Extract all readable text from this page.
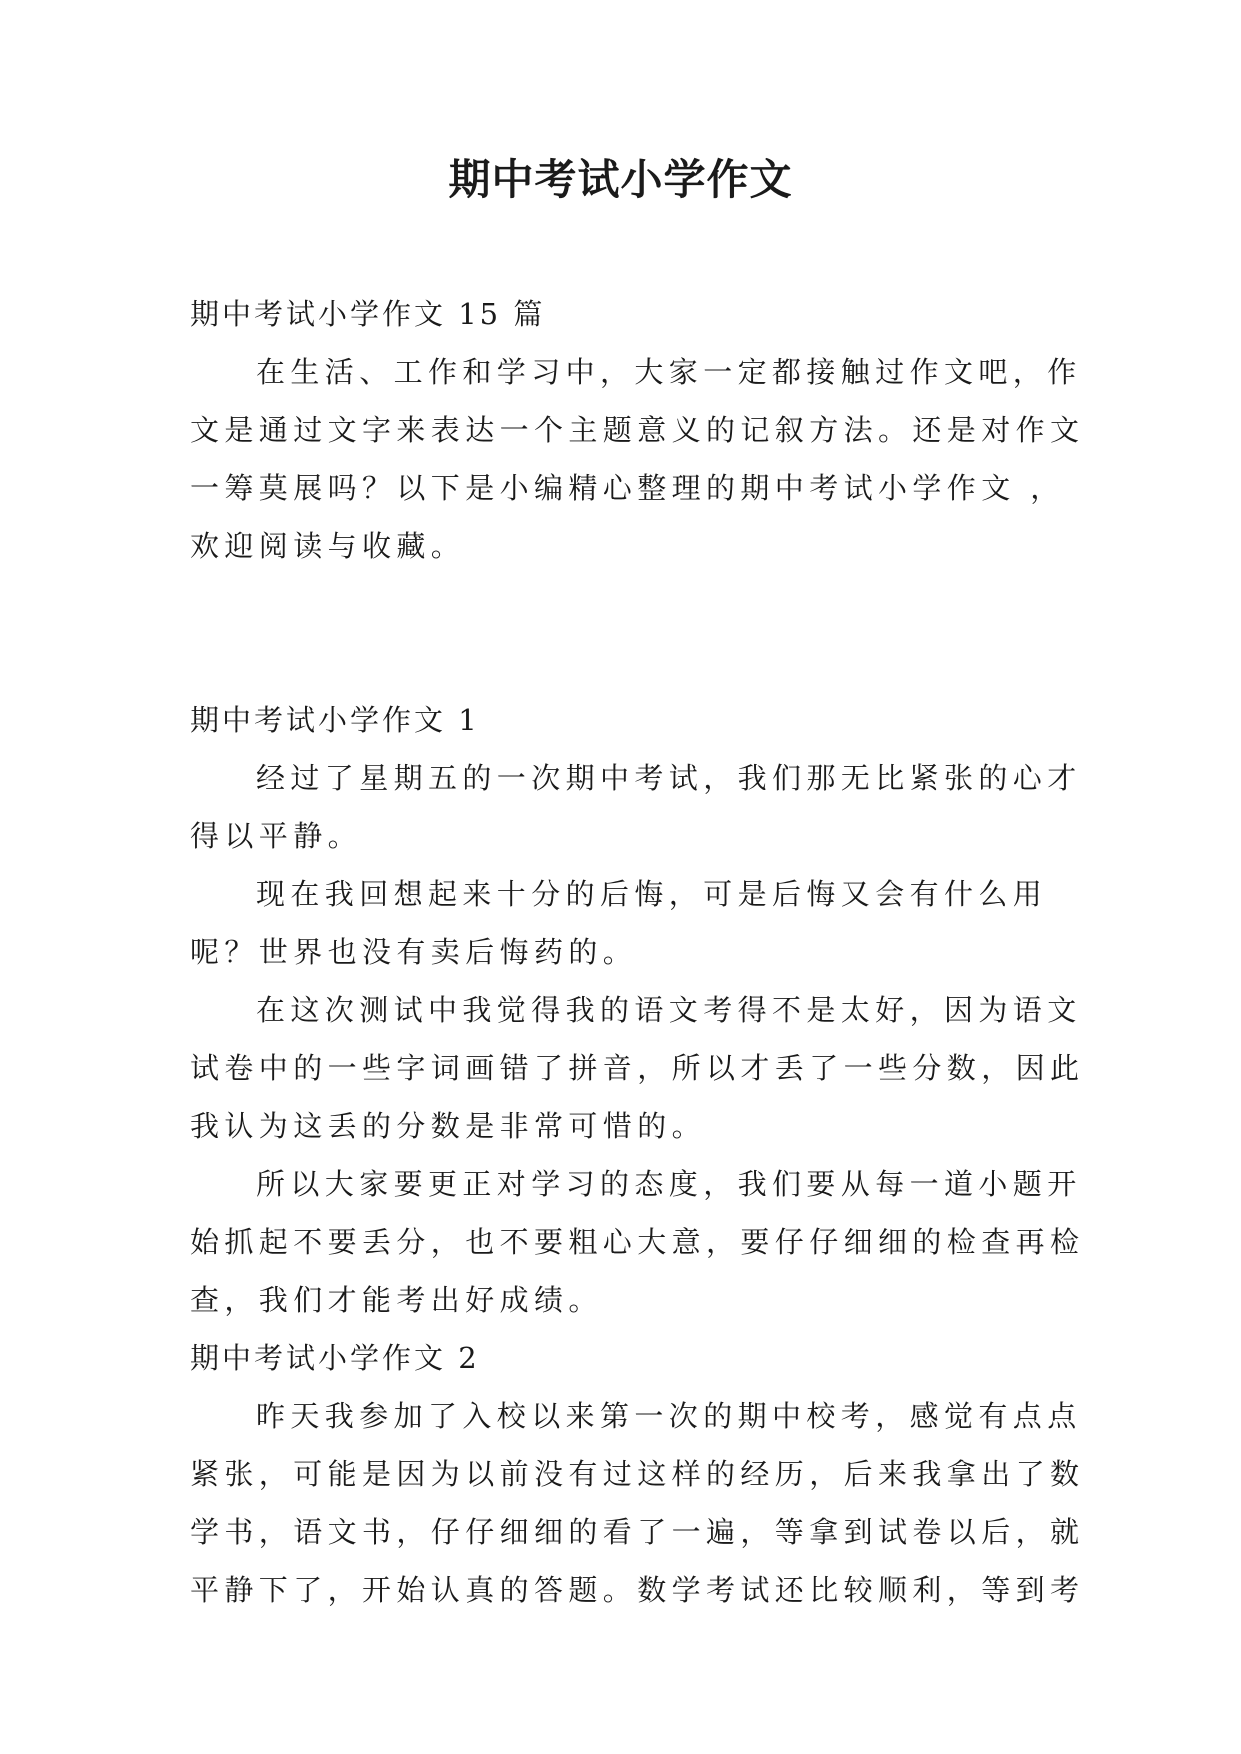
期中考试小学作文

期中考试小学作文 15 篇

在生活、工作和学习中，大家一定都接触过作文吧，作

文是通过文字来表达一个主题意义的记叙方法。还是对作文

一筹莫展吗？以下是小编精心整理的期中考试小学作文 ，

欢迎阅读与收藏。

期中考试小学作文 1

经过了星期五的一次期中考试，我们那无比紧张的心才

得以平静。

现在我回想起来十分的后悔，可是后悔又会有什么用

呢？世界也没有卖后悔药的。

在这次测试中我觉得我的语文考得不是太好，因为语文

试卷中的一些字词画错了拼音，所以才丢了一些分数，因此

我认为这丢的分数是非常可惜的。

所以大家要更正对学习的态度，我们要从每一道小题开

始抓起不要丢分，也不要粗心大意，要仔仔细细的检查再检

查，我们才能考出好成绩。

期中考试小学作文 2

昨天我参加了入校以来第一次的期中校考，感觉有点点

紧张，可能是因为以前没有过这样的经历，后来我拿出了数

学书，语文书，仔仔细细的看了一遍，等拿到试卷以后，就

平静下了，开始认真的答题。数学考试还比较顺利，等到考
